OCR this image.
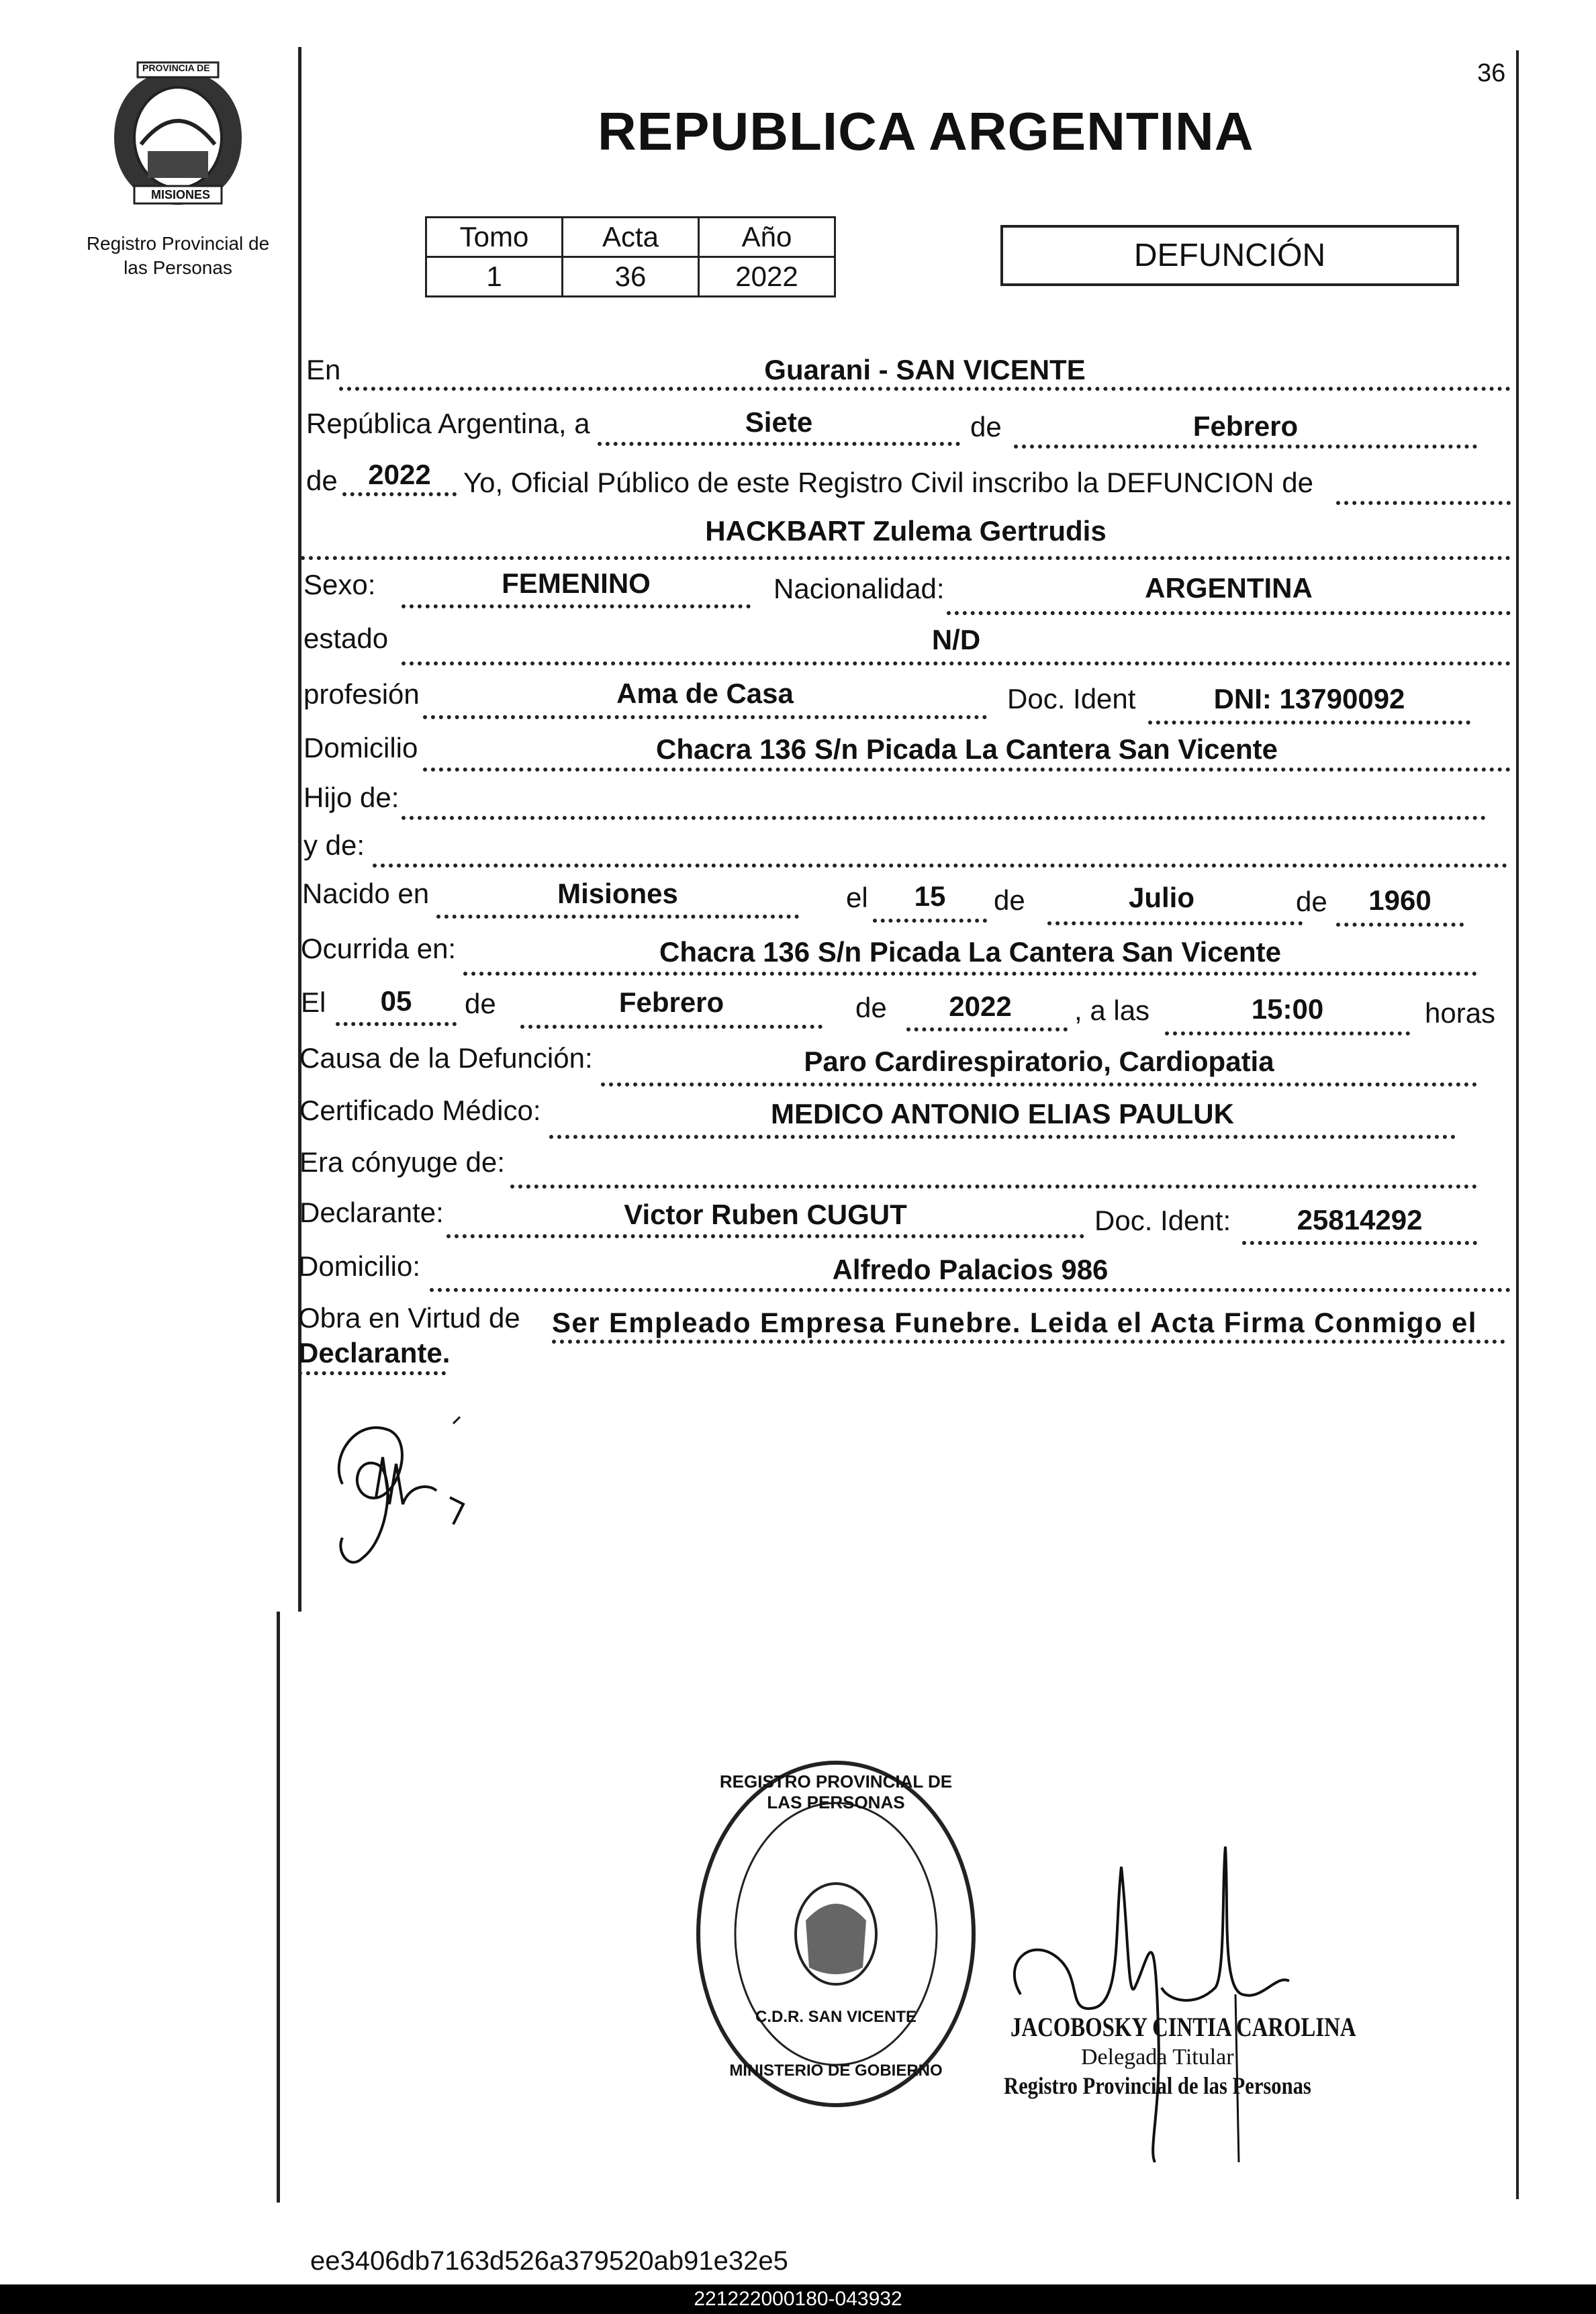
PROVINCIA DE
MISIONES
Registro Provincial de
las Personas
36
REPUBLICA ARGENTINA
Tomo	Acta	Año
1	36	2022
DEFUNCIÓN
En	Guarani - SAN VICENTE
República Argentina, a	Siete	de	Febrero
de	2022	Yo, Oficial Público de este Registro Civil inscribo la DEFUNCION de
HACKBART Zulema Gertrudis
Sexo:	FEMENINO	Nacionalidad:	ARGENTINA
estado	N/D
profesión	Ama de Casa	Doc. Ident	DNI: 13790092
Domicilio	Chacra 136 S/n Picada La Cantera San Vicente
Hijo de:
y de:
Nacido en	Misiones	el	15	de	Julio	de	1960
Ocurrida en:	Chacra 136 S/n Picada La Cantera San Vicente
El	05	de	Febrero	de	2022	, a las	15:00	horas
Causa de la Defunción:	Paro Cardirespiratorio, Cardiopatia
Certificado Médico:	MEDICO ANTONIO ELIAS PAULUK
Era cónyuge de:
Declarante:	Victor Ruben CUGUT	Doc. Ident:	25814292
Domicilio:	Alfredo Palacios 986
Obra en Virtud de Ser Empleado Empresa Funebre. Leida el Acta Firma Conmigo el
Declarante.
REGISTRO PROVINCIAL DE LAS PERSONAS
C.D.R. SAN VICENTE
MINISTERIO DE GOBIERNO
JACOBOSKY CINTIA CAROLINA
Delegada Titular
Registro Provincial de las Personas
ee3406db7163d526a379520ab91e32e5
221222000180-043932
